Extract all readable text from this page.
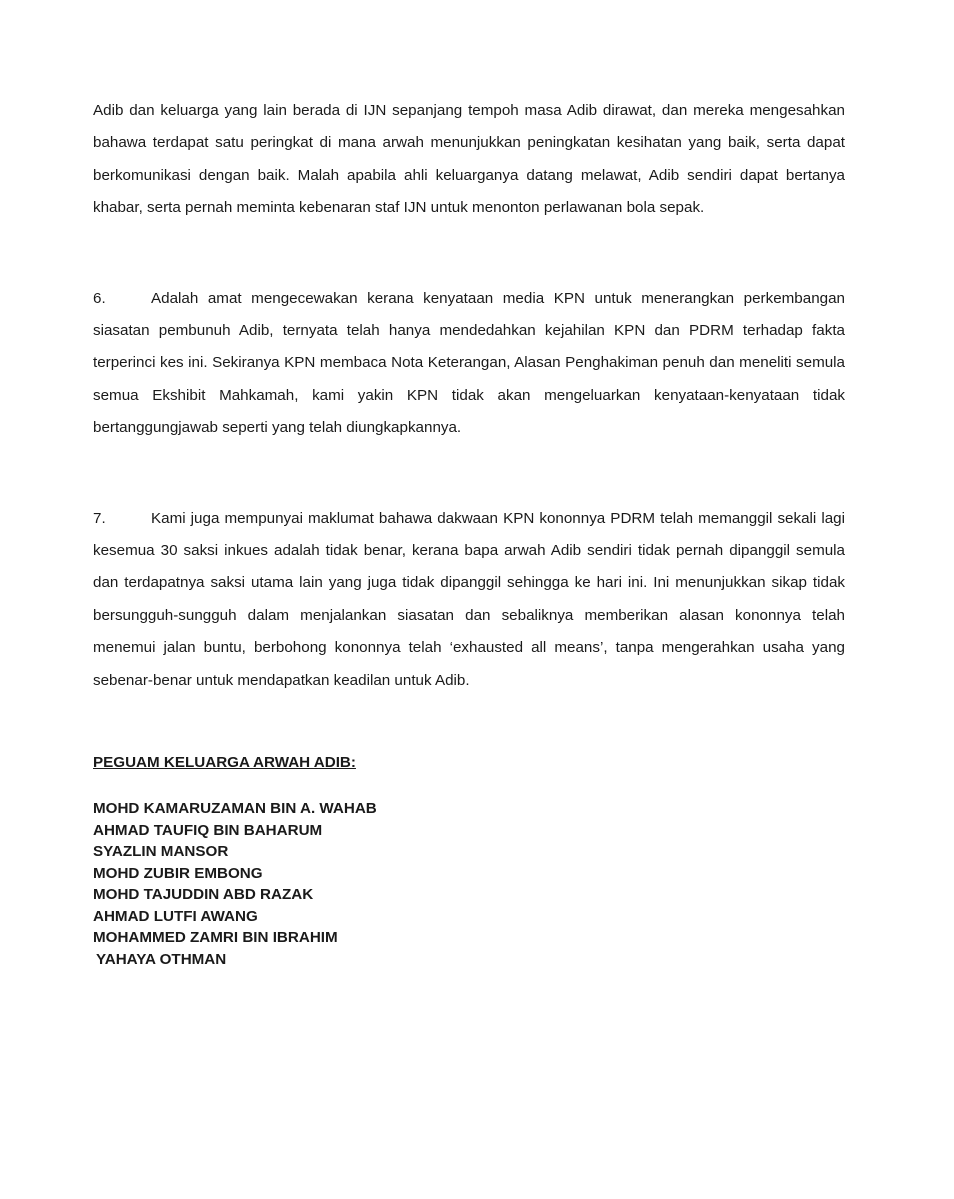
Adib dan keluarga yang lain berada di IJN sepanjang tempoh masa Adib dirawat, dan mereka mengesahkan bahawa terdapat satu peringkat di mana arwah menunjukkan peningkatan kesihatan yang baik, serta dapat berkomunikasi dengan baik. Malah apabila ahli keluarganya datang melawat, Adib sendiri dapat bertanya khabar, serta pernah meminta kebenaran staf IJN untuk menonton perlawanan bola sepak.

6.	Adalah amat mengecewakan kerana kenyataan media KPN untuk menerangkan perkembangan siasatan pembunuh Adib, ternyata telah hanya mendedahkan kejahilan KPN dan PDRM terhadap fakta terperinci kes ini. Sekiranya KPN membaca Nota Keterangan, Alasan Penghakiman penuh dan meneliti semula semua Ekshibit Mahkamah, kami yakin KPN tidak akan mengeluarkan kenyataan-kenyataan tidak bertanggungjawab seperti yang telah diungkapkannya.

7.	Kami juga mempunyai maklumat bahawa dakwaan KPN kononnya PDRM telah memanggil sekali lagi kesemua 30 saksi inkues adalah tidak benar, kerana bapa arwah Adib sendiri tidak pernah dipanggil semula dan terdapatnya saksi utama lain yang juga tidak dipanggil sehingga ke hari ini. Ini menunjukkan sikap tidak bersungguh-sungguh dalam menjalankan siasatan dan sebaliknya memberikan alasan kononnya telah menemui jalan buntu, berbohong kononnya telah ‘exhausted all means’, tanpa mengerahkan usaha yang sebenar-benar untuk mendapatkan keadilan untuk Adib.

PEGUAM KELUARGA ARWAH ADIB:

MOHD KAMARUZAMAN BIN A. WAHAB
AHMAD TAUFIQ BIN BAHARUM
SYAZLIN MANSOR
MOHD ZUBIR EMBONG
MOHD TAJUDDIN ABD RAZAK
AHMAD LUTFI AWANG
MOHAMMED ZAMRI BIN IBRAHIM
YAHAYA OTHMAN
